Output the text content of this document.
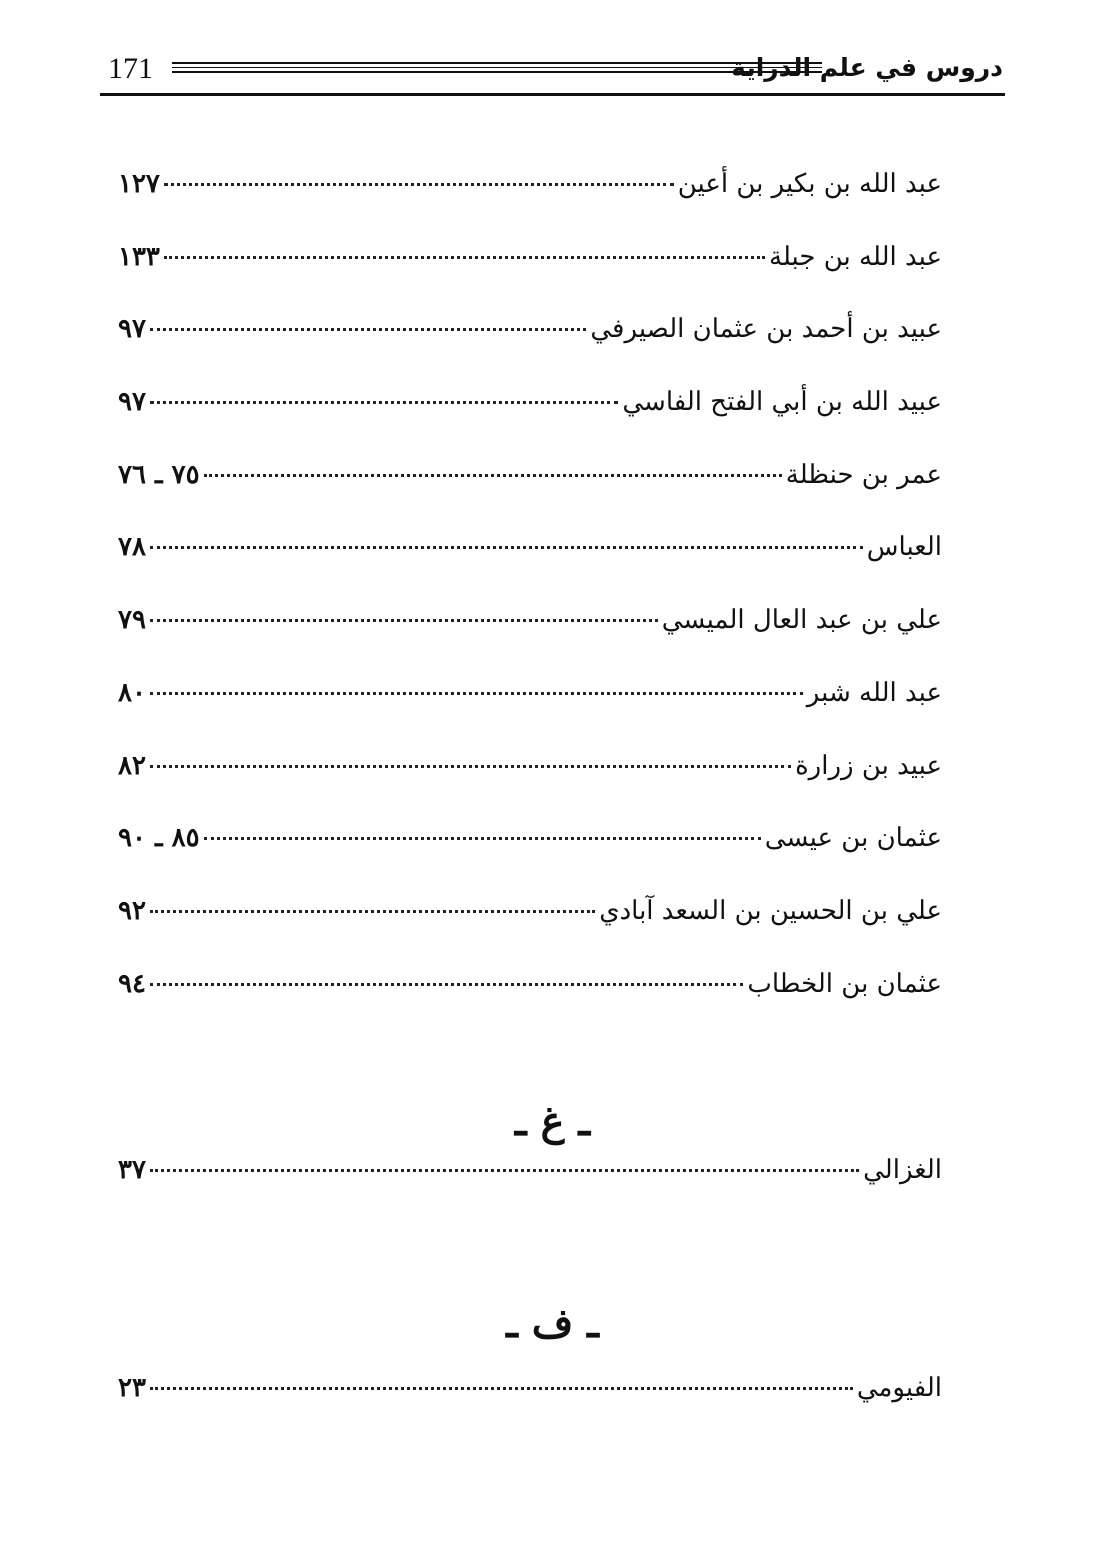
171	دروس في علم الدراية
عبد الله بن بكير بن أعين
١٢٧
عبد الله بن جبلة
١٣٣
عبيد بن أحمد بن عثمان الصيرفي
٩٧
عبيد الله بن أبي الفتح الفاسي
٩٧
عمر بن حنظلة
٧٥ ـ ٧٦
العباس
٧٨
علي بن عبد العال الميسي
٧٩
عبد الله شبر
٨٠
عبيد بن زرارة
٨٢
عثمان بن عيسى
٨٥ ـ ٩٠
علي بن الحسين بن السعد آبادي
٩٢
عثمان بن الخطاب
٩٤
ـ غ ـ
الغزالي
٣٧
ـ ف ـ
الفيومي
٢٣
